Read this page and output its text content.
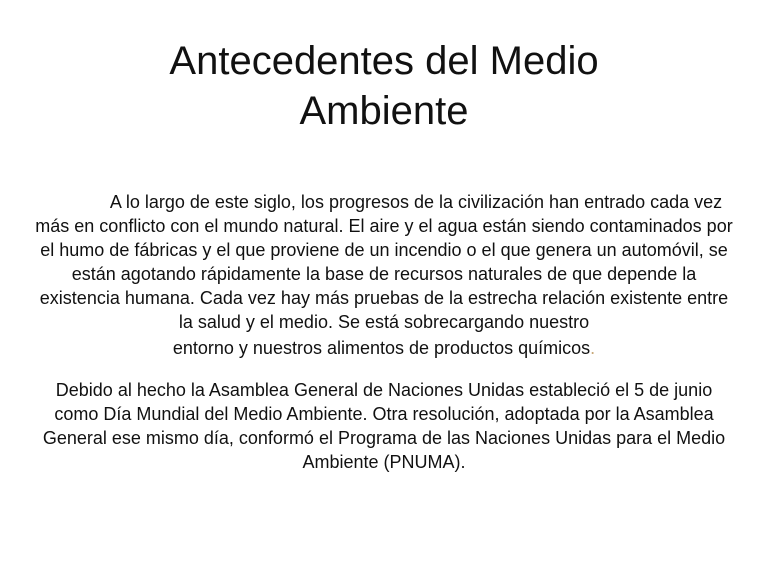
Antecedentes del Medio Ambiente

A lo largo de este siglo, los progresos de la civilización han entrado cada vez más en conflicto con el mundo natural. El aire y el agua están siendo contaminados por el humo de fábricas y el que proviene de un incendio o el que genera un automóvil, se están agotando rápidamente la base de recursos naturales de que depende la existencia humana. Cada vez hay más pruebas de la estrecha relación existente entre la salud y el medio. Se está sobrecargando nuestro
entorno y nuestros alimentos de productos químicos.

Debido al hecho la Asamblea General de Naciones Unidas estableció el 5 de junio como Día Mundial del Medio Ambiente. Otra resolución, adoptada por la Asamblea General ese mismo día, conformó el Programa de las Naciones Unidas para el Medio Ambiente (PNUMA).
